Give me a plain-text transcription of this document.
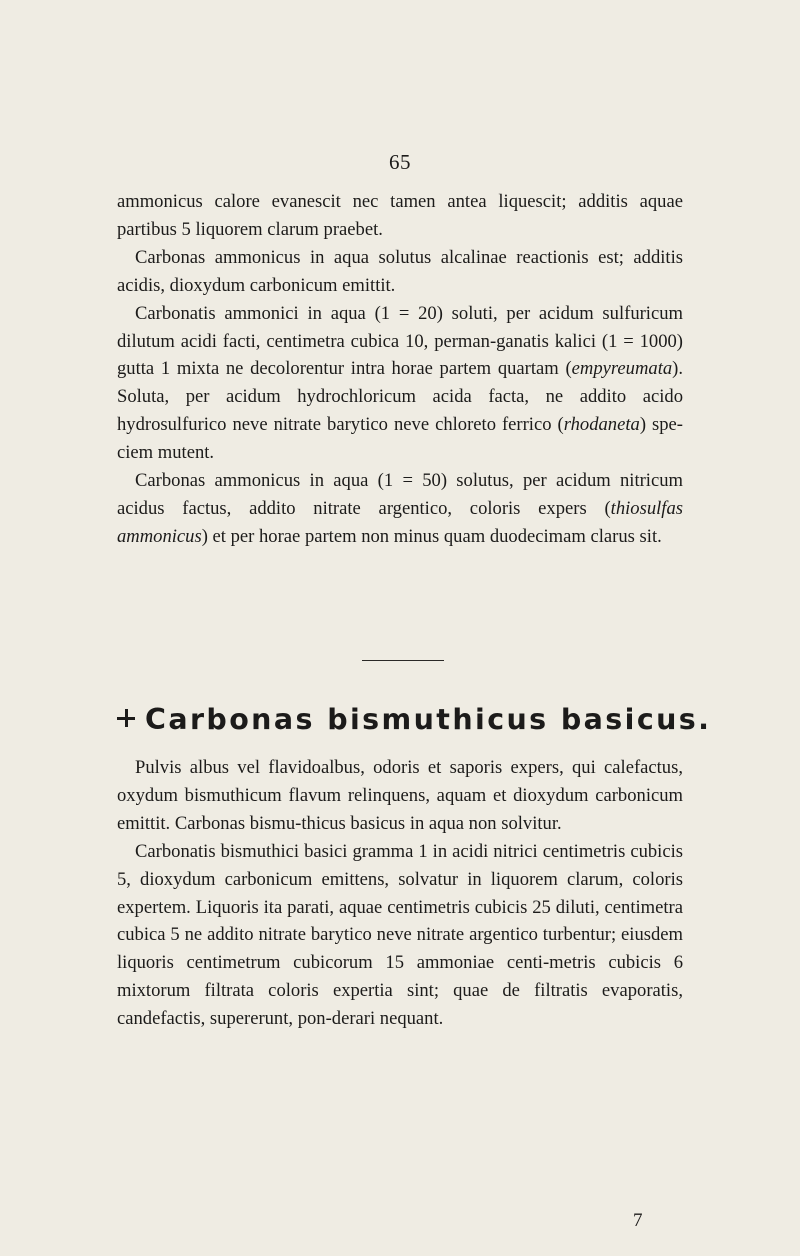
65

ammonicus calore evanescit nec tamen antea liquescit; additis aquae partibus 5 liquorem clarum praebet.

Carbonas ammonicus in aqua solutus alcalinae reactionis est; additis acidis, dioxydum carbonicum emittit.

Carbonatis ammonici in aqua (1 = 20) soluti, per acidum sulfuricum dilutum acidi facti, centimetra cubica 10, perman-ganatis kalici (1 = 1000) gutta 1 mixta ne decolorentur intra horae partem quartam (empyreumata). Soluta, per acidum hydrochloricum acida facta, ne addito acido hydrosulfurico neve nitrate barytico neve chloreto ferrico (rhodaneta) spe-ciem mutent.

Carbonas ammonicus in aqua (1 = 50) solutus, per acidum nitricum acidus factus, addito nitrate argentico, coloris expers (thiosulfas ammonicus) et per horae partem non minus quam duodecimam clarus sit.

Carbonas bismuthicus basicus.

Pulvis albus vel flavidoalbus, odoris et saporis expers, qui calefactus, oxydum bismuthicum flavum relinquens, aquam et dioxydum carbonicum emittit. Carbonas bismu-thicus basicus in aqua non solvitur.

Carbonatis bismuthici basici gramma 1 in acidi nitrici centimetris cubicis 5, dioxydum carbonicum emittens, solvatur in liquorem clarum, coloris expertem. Liquoris ita parati, aquae centimetris cubicis 25 diluti, centimetra cubica 5 ne addito nitrate barytico neve nitrate argentico turbentur; eiusdem liquoris centimetrum cubicorum 15 ammoniae centi-metris cubicis 6 mixtorum filtrata coloris expertia sint; quae de filtratis evaporatis, candefactis, supererunt, pon-derari nequant.

7
